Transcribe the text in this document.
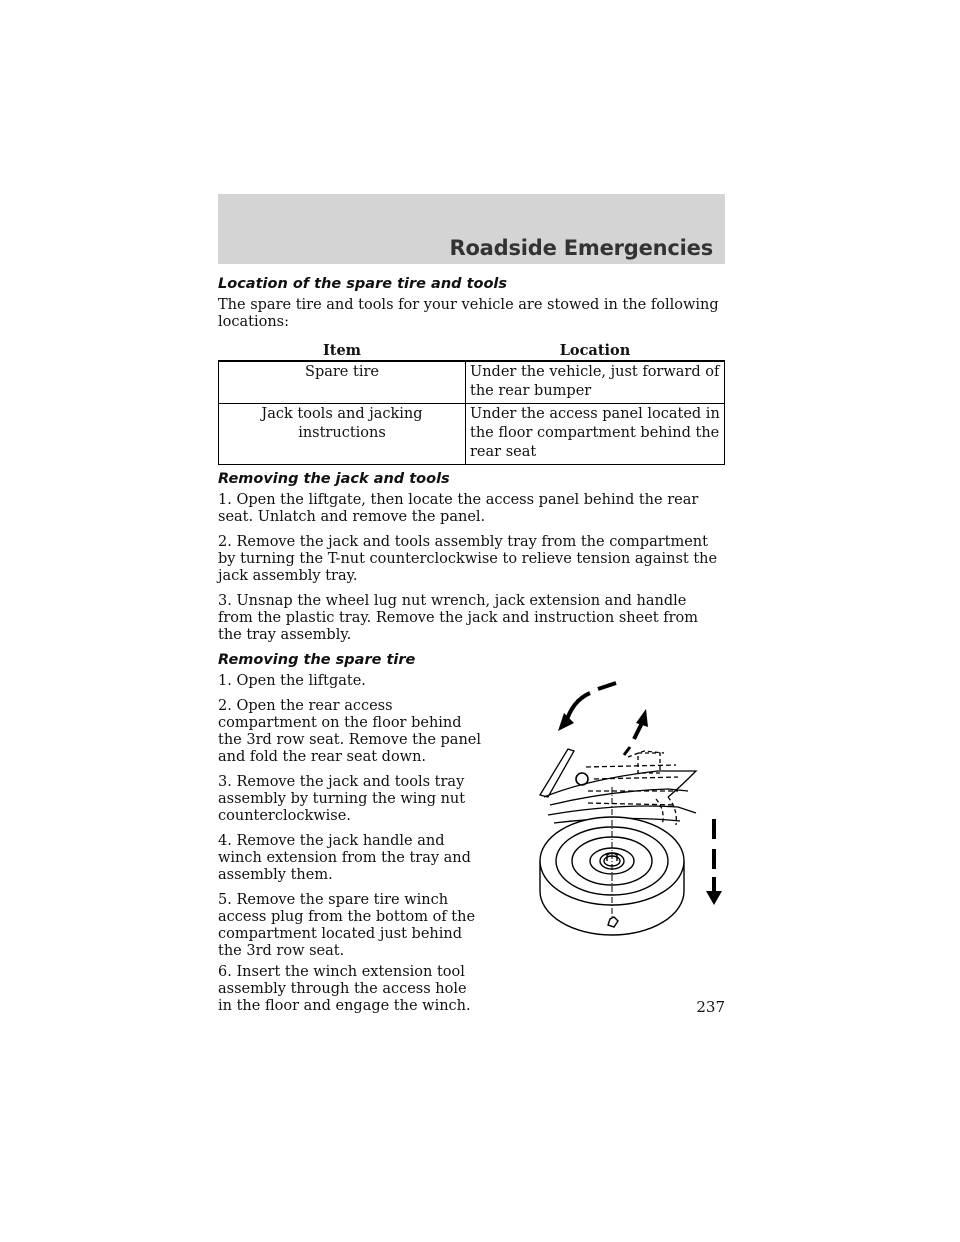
Roadside Emergencies
Location of the spare tire and tools

The spare tire and tools for your vehicle are stowed in the following locations:

Item	Location
Spare tire	Under the vehicle, just forward of the rear bumper
Jack tools and jacking instructions	Under the access panel located in the floor compartment behind the rear seat
Removing the jack and tools

1. Open the liftgate, then locate the access panel behind the rear seat. Unlatch and remove the panel.

2. Remove the jack and tools assembly tray from the compartment by turning the T-nut counterclockwise to relieve tension against the jack assembly tray.

3. Unsnap the wheel lug nut wrench, jack extension and handle from the plastic tray. Remove the jack and instruction sheet from the tray assembly.

Removing the spare tire

1. Open the liftgate.

2. Open the rear access compartment on the floor behind the 3rd row seat. Remove the panel and fold the rear seat down.

3. Remove the jack and tools tray assembly by turning the wing nut counterclockwise.

4. Remove the jack handle and winch extension from the tray and assembly them.

5. Remove the spare tire winch access plug from the bottom of the compartment located just behind the 3rd row seat.

6. Insert the winch extension tool assembly through the access hole in the floor and engage the winch.	237
